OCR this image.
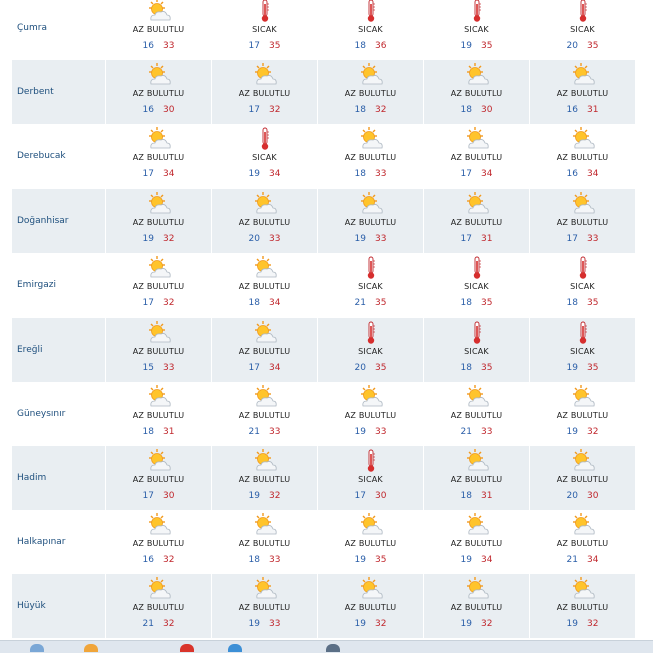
Çumra	AZ BULUTLU
16 33
SICAK
17 35
SICAK
18 36
SICAK
19 35
SICAK
20 35
Derbent	AZ BULUTLU
16 30
AZ BULUTLU
17 32
AZ BULUTLU
18 32
AZ BULUTLU
18 30
AZ BULUTLU
16 31
Derebucak	AZ BULUTLU
17 34
SICAK
19 34
AZ BULUTLU
18 33
AZ BULUTLU
17 34
AZ BULUTLU
16 34
Doğanhisar	AZ BULUTLU
19 32
AZ BULUTLU
20 33
AZ BULUTLU
19 33
AZ BULUTLU
17 31
AZ BULUTLU
17 33
Emirgazi	AZ BULUTLU
17 32
AZ BULUTLU
18 34
SICAK
21 35
SICAK
18 35
SICAK
18 35
Ereğli	AZ BULUTLU
15 33
AZ BULUTLU
17 34
SICAK
20 35
SICAK
18 35
SICAK
19 35
Güneysınır	AZ BULUTLU
18 31
AZ BULUTLU
21 33
AZ BULUTLU
19 33
AZ BULUTLU
21 33
AZ BULUTLU
19 32
Hadim	AZ BULUTLU
17 30
AZ BULUTLU
19 32
SICAK
17 30
AZ BULUTLU
18 31
AZ BULUTLU
20 30
Halkapınar	AZ BULUTLU
16 32
AZ BULUTLU
18 33
AZ BULUTLU
19 35
AZ BULUTLU
19 34
AZ BULUTLU
21 34
Hüyük	AZ BULUTLU
21 32
AZ BULUTLU
19 33
AZ BULUTLU
19 32
AZ BULUTLU
19 32
AZ BULUTLU
19 32
